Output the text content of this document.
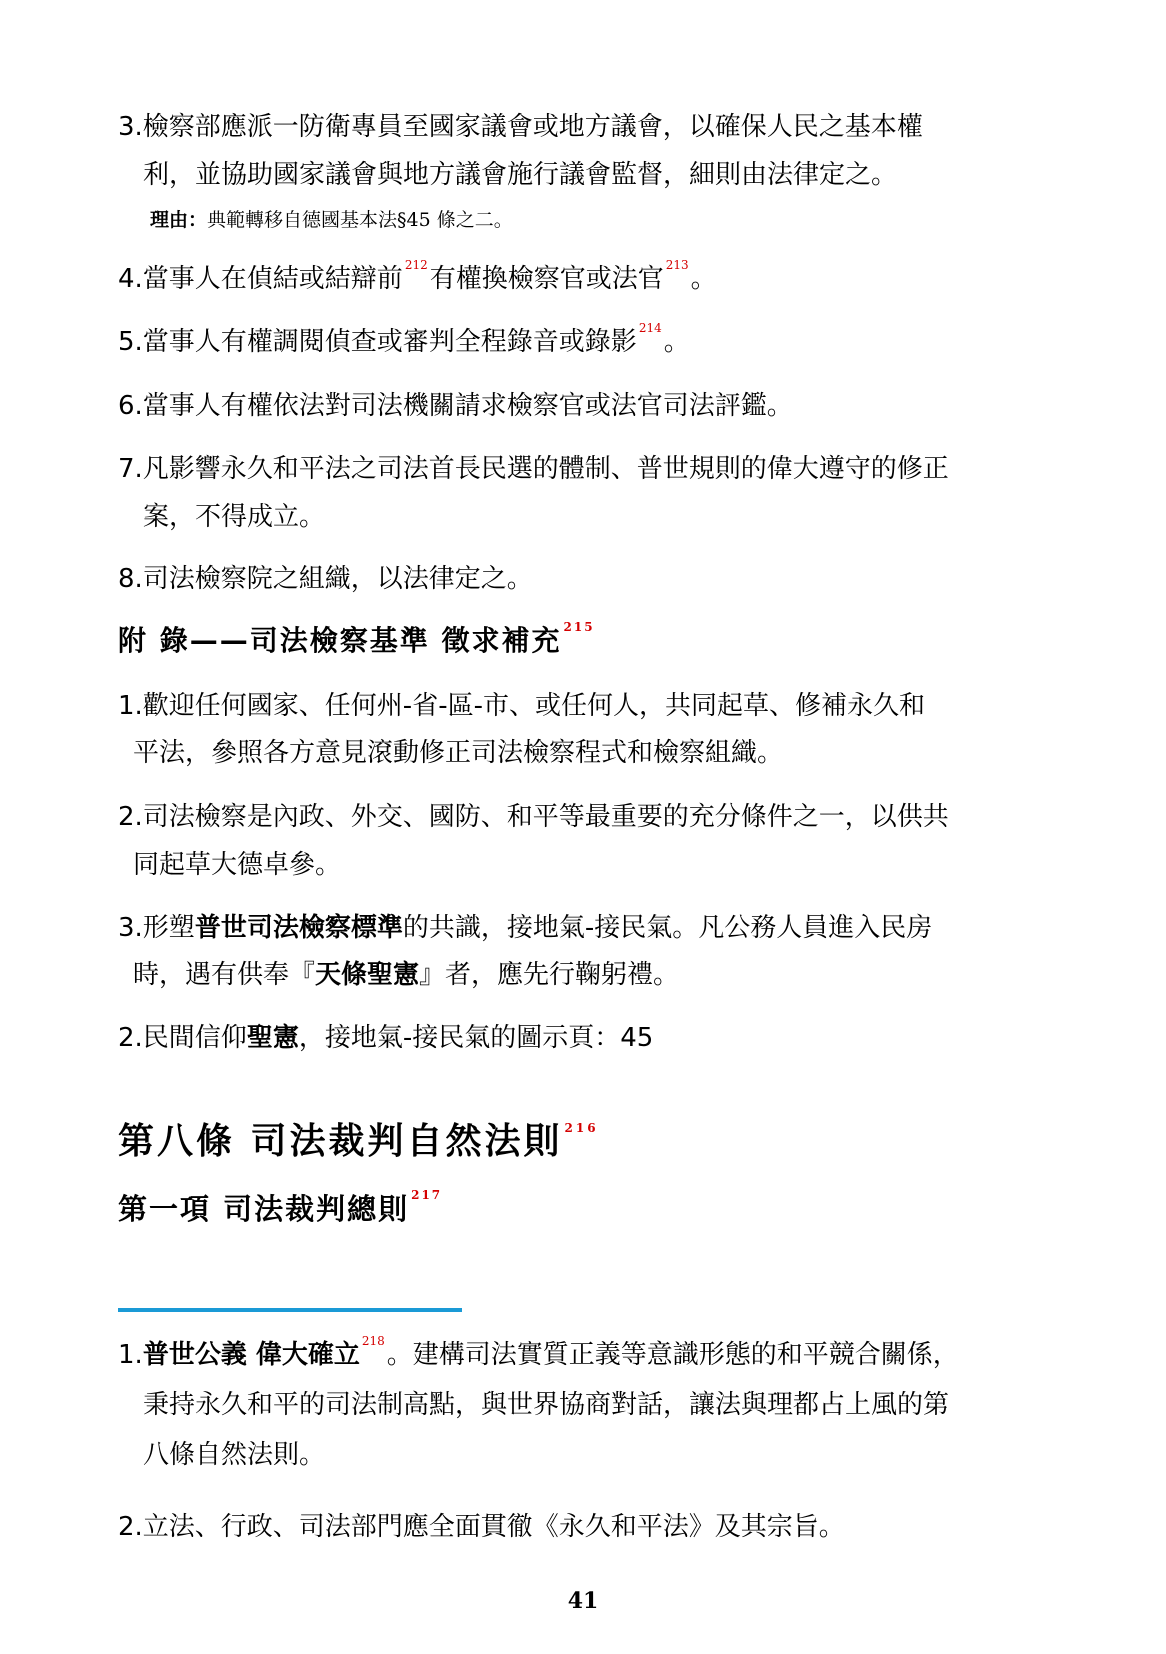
3.檢察部應派一防衛專員至國家議會或地方議會，以確保人民之基本權
利，並協助國家議會與地方議會施行議會監督，細則由法律定之。
理由：典範轉移自德國基本法§45 條之二。
4.當事人在偵結或結辯前 $^{212}$有權換檢察官或法官 $^{213}$。
5.當事人有權調閱偵查或審判全程錄音或錄影 $^{214}$。
6.當事人有權依法對司法機關請求檢察官或法官司法評鑑。
7.凡影響永久和平法之司法首長民選的體制、普世規則的偉大遵守的修正
案，不得成立。
8.司法檢察院之組織，以法律定之。
附 錄——司法檢察基準 徵求補充 $^{215}$
1.歡迎任何國家、任何州-省-區-市、或任何人，共同起草、修補永久和
平法，參照各方意見滾動修正司法檢察程式和檢察組織。
2.司法檢察是內政、外交、國防、和平等最重要的充分條件之一，以供共
同起草大德卓參。
3.形塑普世司法檢察標準的共識，接地氣-接民氣。凡公務人員進入民房
時，遇有供奉『天條聖憲』者，應先行鞠躬禮。
2.民間信仰聖憲，接地氣-接民氣的圖示頁：45
第八條 司法裁判自然法則 $^{216}$
第一項 司法裁判總則 $^{217}$
1.普世公義 偉大確立 $^{218}$。建構司法實質正義等意識形態的和平競合關係，
秉持永久和平的司法制高點，與世界協商對話，讓法與理都占上風的第
八條自然法則。
2.立法、行政、司法部門應全面貫徹《永久和平法》及其宗旨。
41
